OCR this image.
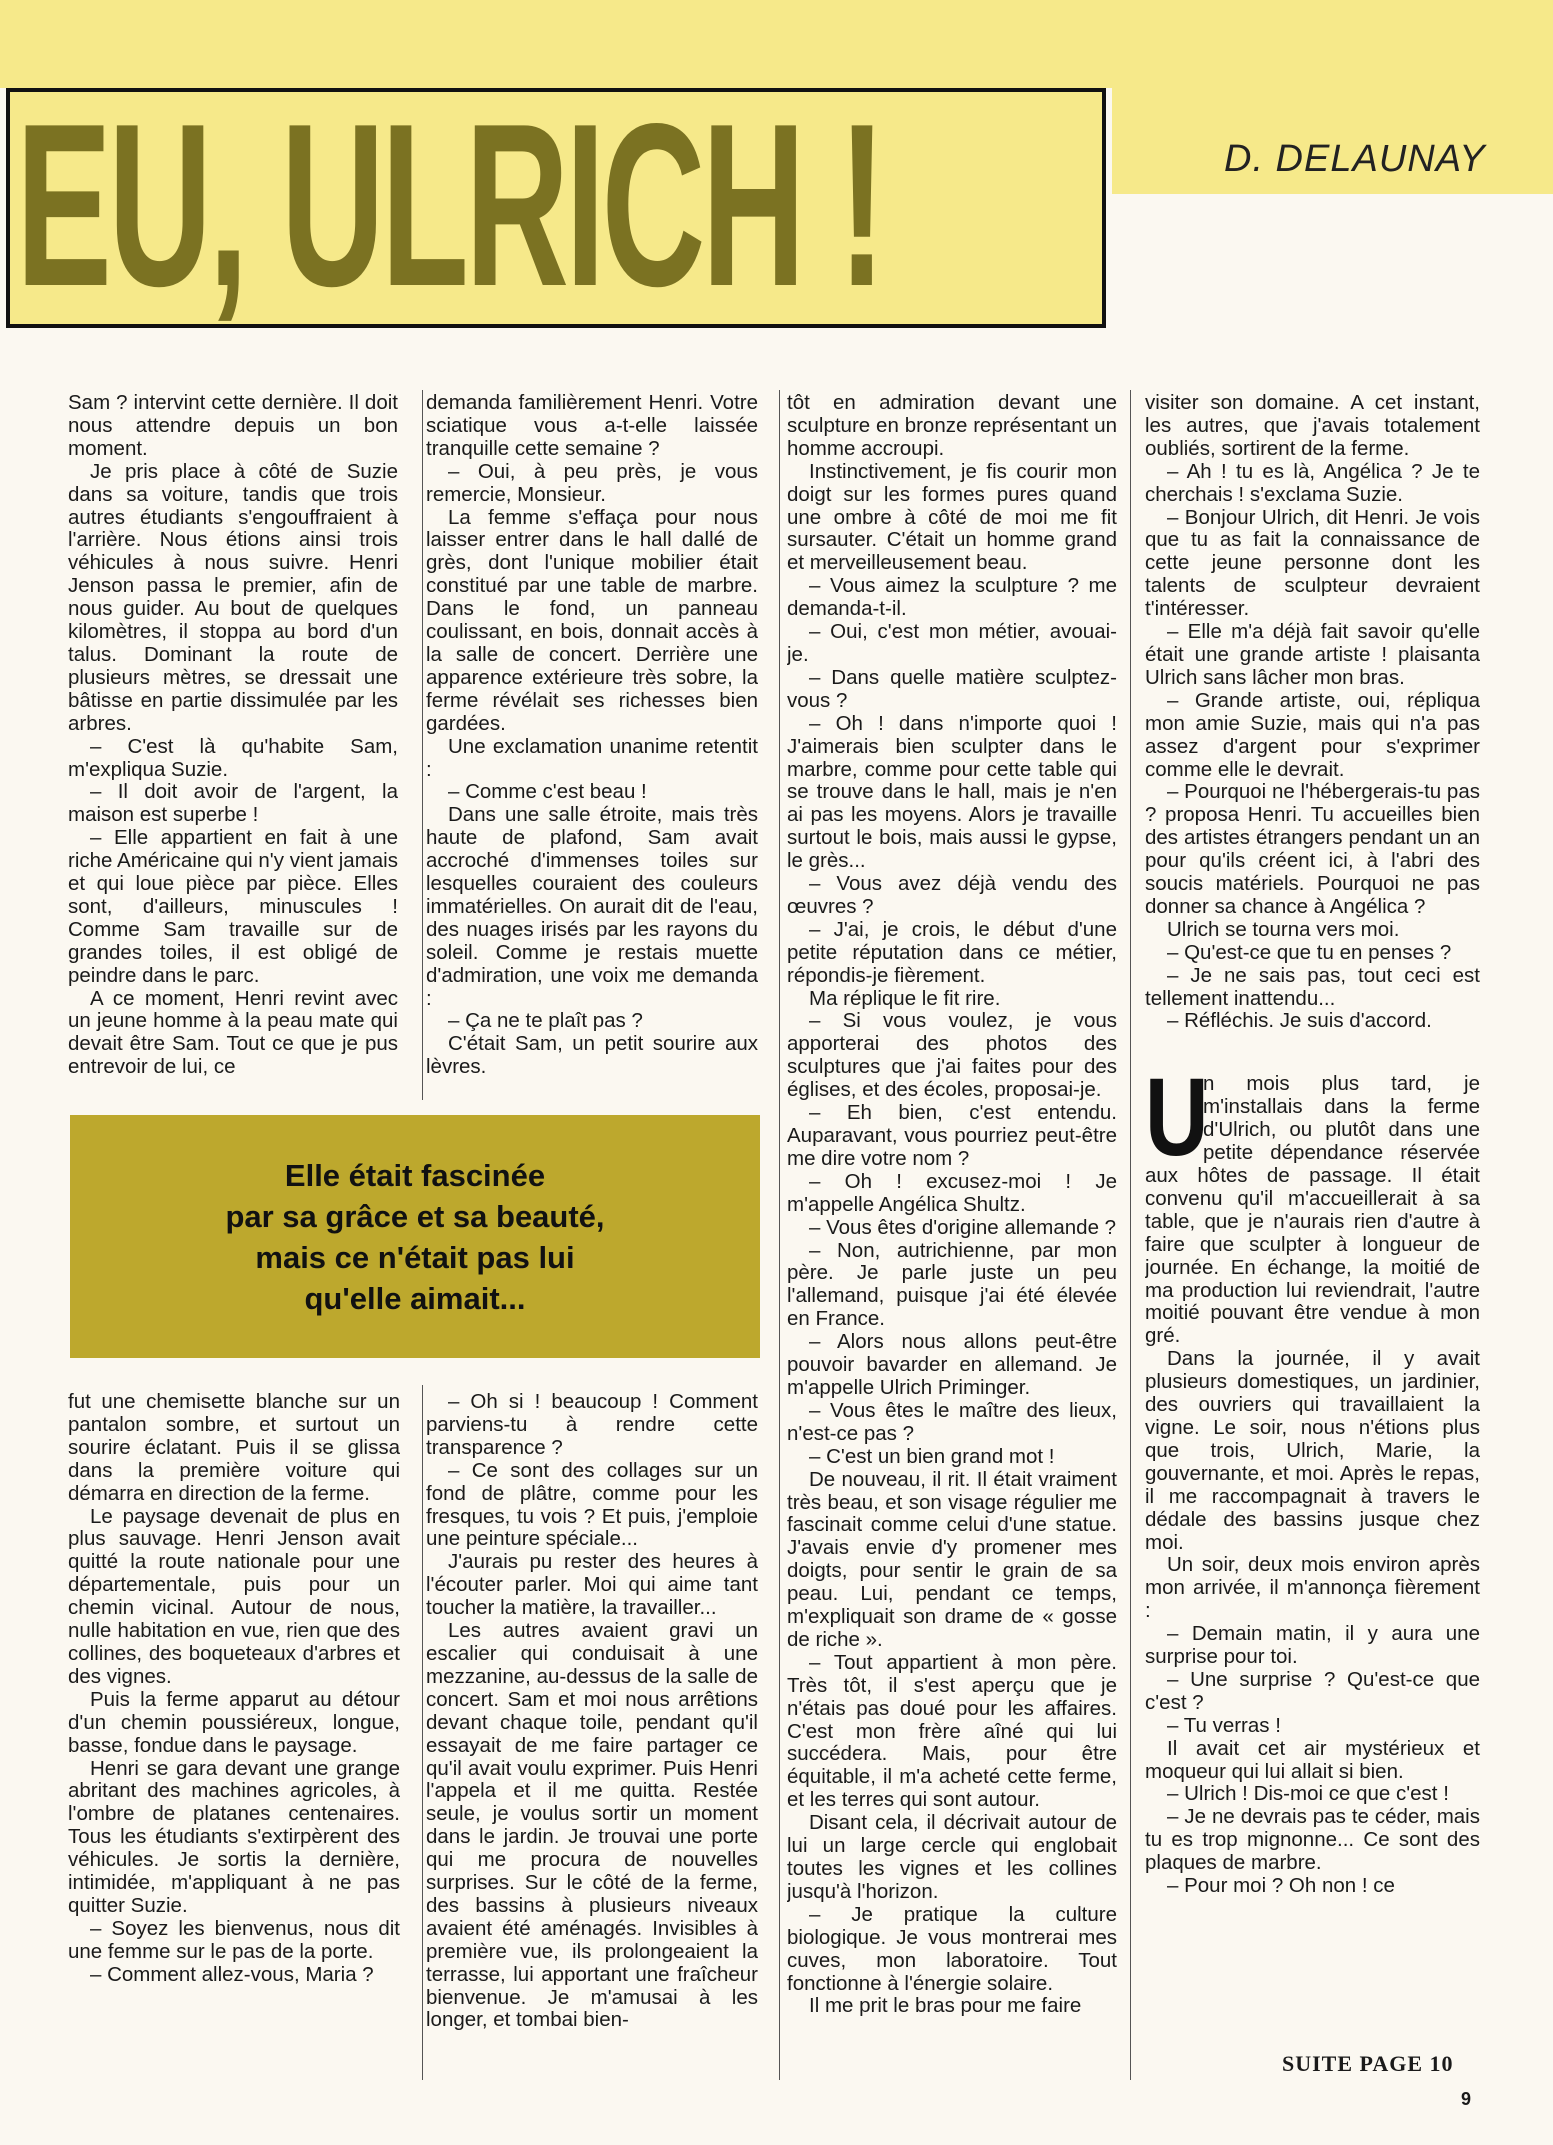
EU, ULRICH !	D. DELAUNAY

Sam ? intervint cette dernière. Il doit nous attendre depuis un bon moment.

Je pris place à côté de Suzie dans sa voiture, tandis que trois autres étudiants s'engouffraient à l'arrière. Nous étions ainsi trois véhicules à nous suivre. Henri Jenson passa le premier, afin de nous guider. Au bout de quelques kilomètres, il stoppa au bord d'un talus. Dominant la route de plusieurs mètres, se dressait une bâtisse en partie dissimulée par les arbres.

– C'est là qu'habite Sam, m'expliqua Suzie.

– Il doit avoir de l'argent, la maison est superbe !

– Elle appartient en fait à une riche Américaine qui n'y vient jamais et qui loue pièce par pièce. Elles sont, d'ailleurs, minuscules ! Comme Sam travaille sur de grandes toiles, il est obligé de peindre dans le parc.

A ce moment, Henri revint avec un jeune homme à la peau mate qui devait être Sam. Tout ce que je pus entrevoir de lui, ce

demanda familièrement Henri. Votre sciatique vous a-t-elle laissée tranquille cette semaine ?

– Oui, à peu près, je vous remercie, Monsieur.

La femme s'effaça pour nous laisser entrer dans le hall dallé de grès, dont l'unique mobilier était constitué par une table de marbre. Dans le fond, un panneau coulissant, en bois, donnait accès à la salle de concert. Derrière une apparence extérieure très sobre, la ferme révélait ses richesses bien gardées.

Une exclamation unanime retentit :

– Comme c'est beau !

Dans une salle étroite, mais très haute de plafond, Sam avait accroché d'immenses toiles sur lesquelles couraient des couleurs immatérielles. On aurait dit de l'eau, des nuages irisés par les rayons du soleil. Comme je restais muette d'admiration, une voix me demanda :

– Ça ne te plaît pas ?

C'était Sam, un petit sourire aux lèvres.

Elle était fascinée
par sa grâce et sa beauté,
mais ce n'était pas lui
qu'elle aimait...

fut une chemisette blanche sur un pantalon sombre, et surtout un sourire éclatant. Puis il se glissa dans la première voiture qui démarra en direction de la ferme.

Le paysage devenait de plus en plus sauvage. Henri Jenson avait quitté la route nationale pour une départementale, puis pour un chemin vicinal. Autour de nous, nulle habitation en vue, rien que des collines, des boqueteaux d'arbres et des vignes.

Puis la ferme apparut au détour d'un chemin poussiéreux, longue, basse, fondue dans le paysage.

Henri se gara devant une grange abritant des machines agricoles, à l'ombre de platanes centenaires. Tous les étudiants s'extirpèrent des véhicules. Je sortis la dernière, intimidée, m'appliquant à ne pas quitter Suzie.

– Soyez les bienvenus, nous dit une femme sur le pas de la porte.

– Comment allez-vous, Maria ?

– Oh si ! beaucoup ! Comment parviens-tu à rendre cette transparence ?

– Ce sont des collages sur un fond de plâtre, comme pour les fresques, tu vois ? Et puis, j'emploie une peinture spéciale...

J'aurais pu rester des heures à l'écouter parler. Moi qui aime tant toucher la matière, la travailler...

Les autres avaient gravi un escalier qui conduisait à une mezzanine, au-dessus de la salle de concert. Sam et moi nous arrêtions devant chaque toile, pendant qu'il essayait de me faire partager ce qu'il avait voulu exprimer. Puis Henri l'appela et il me quitta. Restée seule, je voulus sortir un moment dans le jardin. Je trouvai une porte qui me procura de nouvelles surprises. Sur le côté de la ferme, des bassins à plusieurs niveaux avaient été aménagés. Invisibles à première vue, ils prolongeaient la terrasse, lui apportant une fraîcheur bienvenue. Je m'amusai à les longer, et tombai bien-

tôt en admiration devant une sculpture en bronze représentant un homme accroupi.

Instinctivement, je fis courir mon doigt sur les formes pures quand une ombre à côté de moi me fit sursauter. C'était un homme grand et merveilleusement beau.

– Vous aimez la sculpture ? me demanda-t-il.

– Oui, c'est mon métier, avouai-je.

– Dans quelle matière sculptez-vous ?

– Oh ! dans n'importe quoi ! J'aimerais bien sculpter dans le marbre, comme pour cette table qui se trouve dans le hall, mais je n'en ai pas les moyens. Alors je travaille surtout le bois, mais aussi le gypse, le grès...

– Vous avez déjà vendu des œuvres ?

– J'ai, je crois, le début d'une petite réputation dans ce métier, répondis-je fièrement.

Ma réplique le fit rire.

– Si vous voulez, je vous apporterai des photos des sculptures que j'ai faites pour des églises, et des écoles, proposai-je.

– Eh bien, c'est entendu. Auparavant, vous pourriez peut-être me dire votre nom ?

– Oh ! excusez-moi ! Je m'appelle Angélica Shultz.

– Vous êtes d'origine allemande ?

– Non, autrichienne, par mon père. Je parle juste un peu l'allemand, puisque j'ai été élevée en France.

– Alors nous allons peut-être pouvoir bavarder en allemand. Je m'appelle Ulrich Priminger.

– Vous êtes le maître des lieux, n'est-ce pas ?

– C'est un bien grand mot !

De nouveau, il rit. Il était vraiment très beau, et son visage régulier me fascinait comme celui d'une statue. J'avais envie d'y promener mes doigts, pour sentir le grain de sa peau. Lui, pendant ce temps, m'expliquait son drame de « gosse de riche ».

– Tout appartient à mon père. Très tôt, il s'est aperçu que je n'étais pas doué pour les affaires. C'est mon frère aîné qui lui succédera. Mais, pour être équitable, il m'a acheté cette ferme, et les terres qui sont autour.

Disant cela, il décrivait autour de lui un large cercle qui englobait toutes les vignes et les collines jusqu'à l'horizon.

– Je pratique la culture biologique. Je vous montrerai mes cuves, mon laboratoire. Tout fonctionne à l'énergie solaire.

Il me prit le bras pour me faire

visiter son domaine. A cet instant, les autres, que j'avais totalement oubliés, sortirent de la ferme.

– Ah ! tu es là, Angélica ? Je te cherchais ! s'exclama Suzie.

– Bonjour Ulrich, dit Henri. Je vois que tu as fait la connaissance de cette jeune personne dont les talents de sculpteur devraient t'intéresser.

– Elle m'a déjà fait savoir qu'elle était une grande artiste ! plaisanta Ulrich sans lâcher mon bras.

– Grande artiste, oui, répliqua mon amie Suzie, mais qui n'a pas assez d'argent pour s'exprimer comme elle le devrait.

– Pourquoi ne l'hébergerais-tu pas ? proposa Henri. Tu accueilles bien des artistes étrangers pendant un an pour qu'ils créent ici, à l'abri des soucis matériels. Pourquoi ne pas donner sa chance à Angélica ?

Ulrich se tourna vers moi.

– Qu'est-ce que tu en penses ?

– Je ne sais pas, tout ceci est tellement inattendu...

– Réfléchis. Je suis d'accord.

U
n mois plus tard, je m'installais dans la ferme d'Ulrich, ou plutôt dans une petite dépendance réservée aux hôtes de passage. Il était convenu qu'il m'accueillerait à sa table, que je n'aurais rien d'autre à faire que sculpter à longueur de journée. En échange, la moitié de ma production lui reviendrait, l'autre moitié pouvant être vendue à mon gré.

Dans la journée, il y avait plusieurs domestiques, un jardinier, des ouvriers qui travaillaient la vigne. Le soir, nous n'étions plus que trois, Ulrich, Marie, la gouvernante, et moi. Après le repas, il me raccompagnait à travers le dédale des bassins jusque chez moi.

Un soir, deux mois environ après mon arrivée, il m'annonça fièrement :

– Demain matin, il y aura une surprise pour toi.

– Une surprise ? Qu'est-ce que c'est ?

– Tu verras !

Il avait cet air mystérieux et moqueur qui lui allait si bien.

– Ulrich ! Dis-moi ce que c'est !

– Je ne devrais pas te céder, mais tu es trop mignonne... Ce sont des plaques de marbre.

– Pour moi ? Oh non ! ce

SUITE PAGE 10
9
